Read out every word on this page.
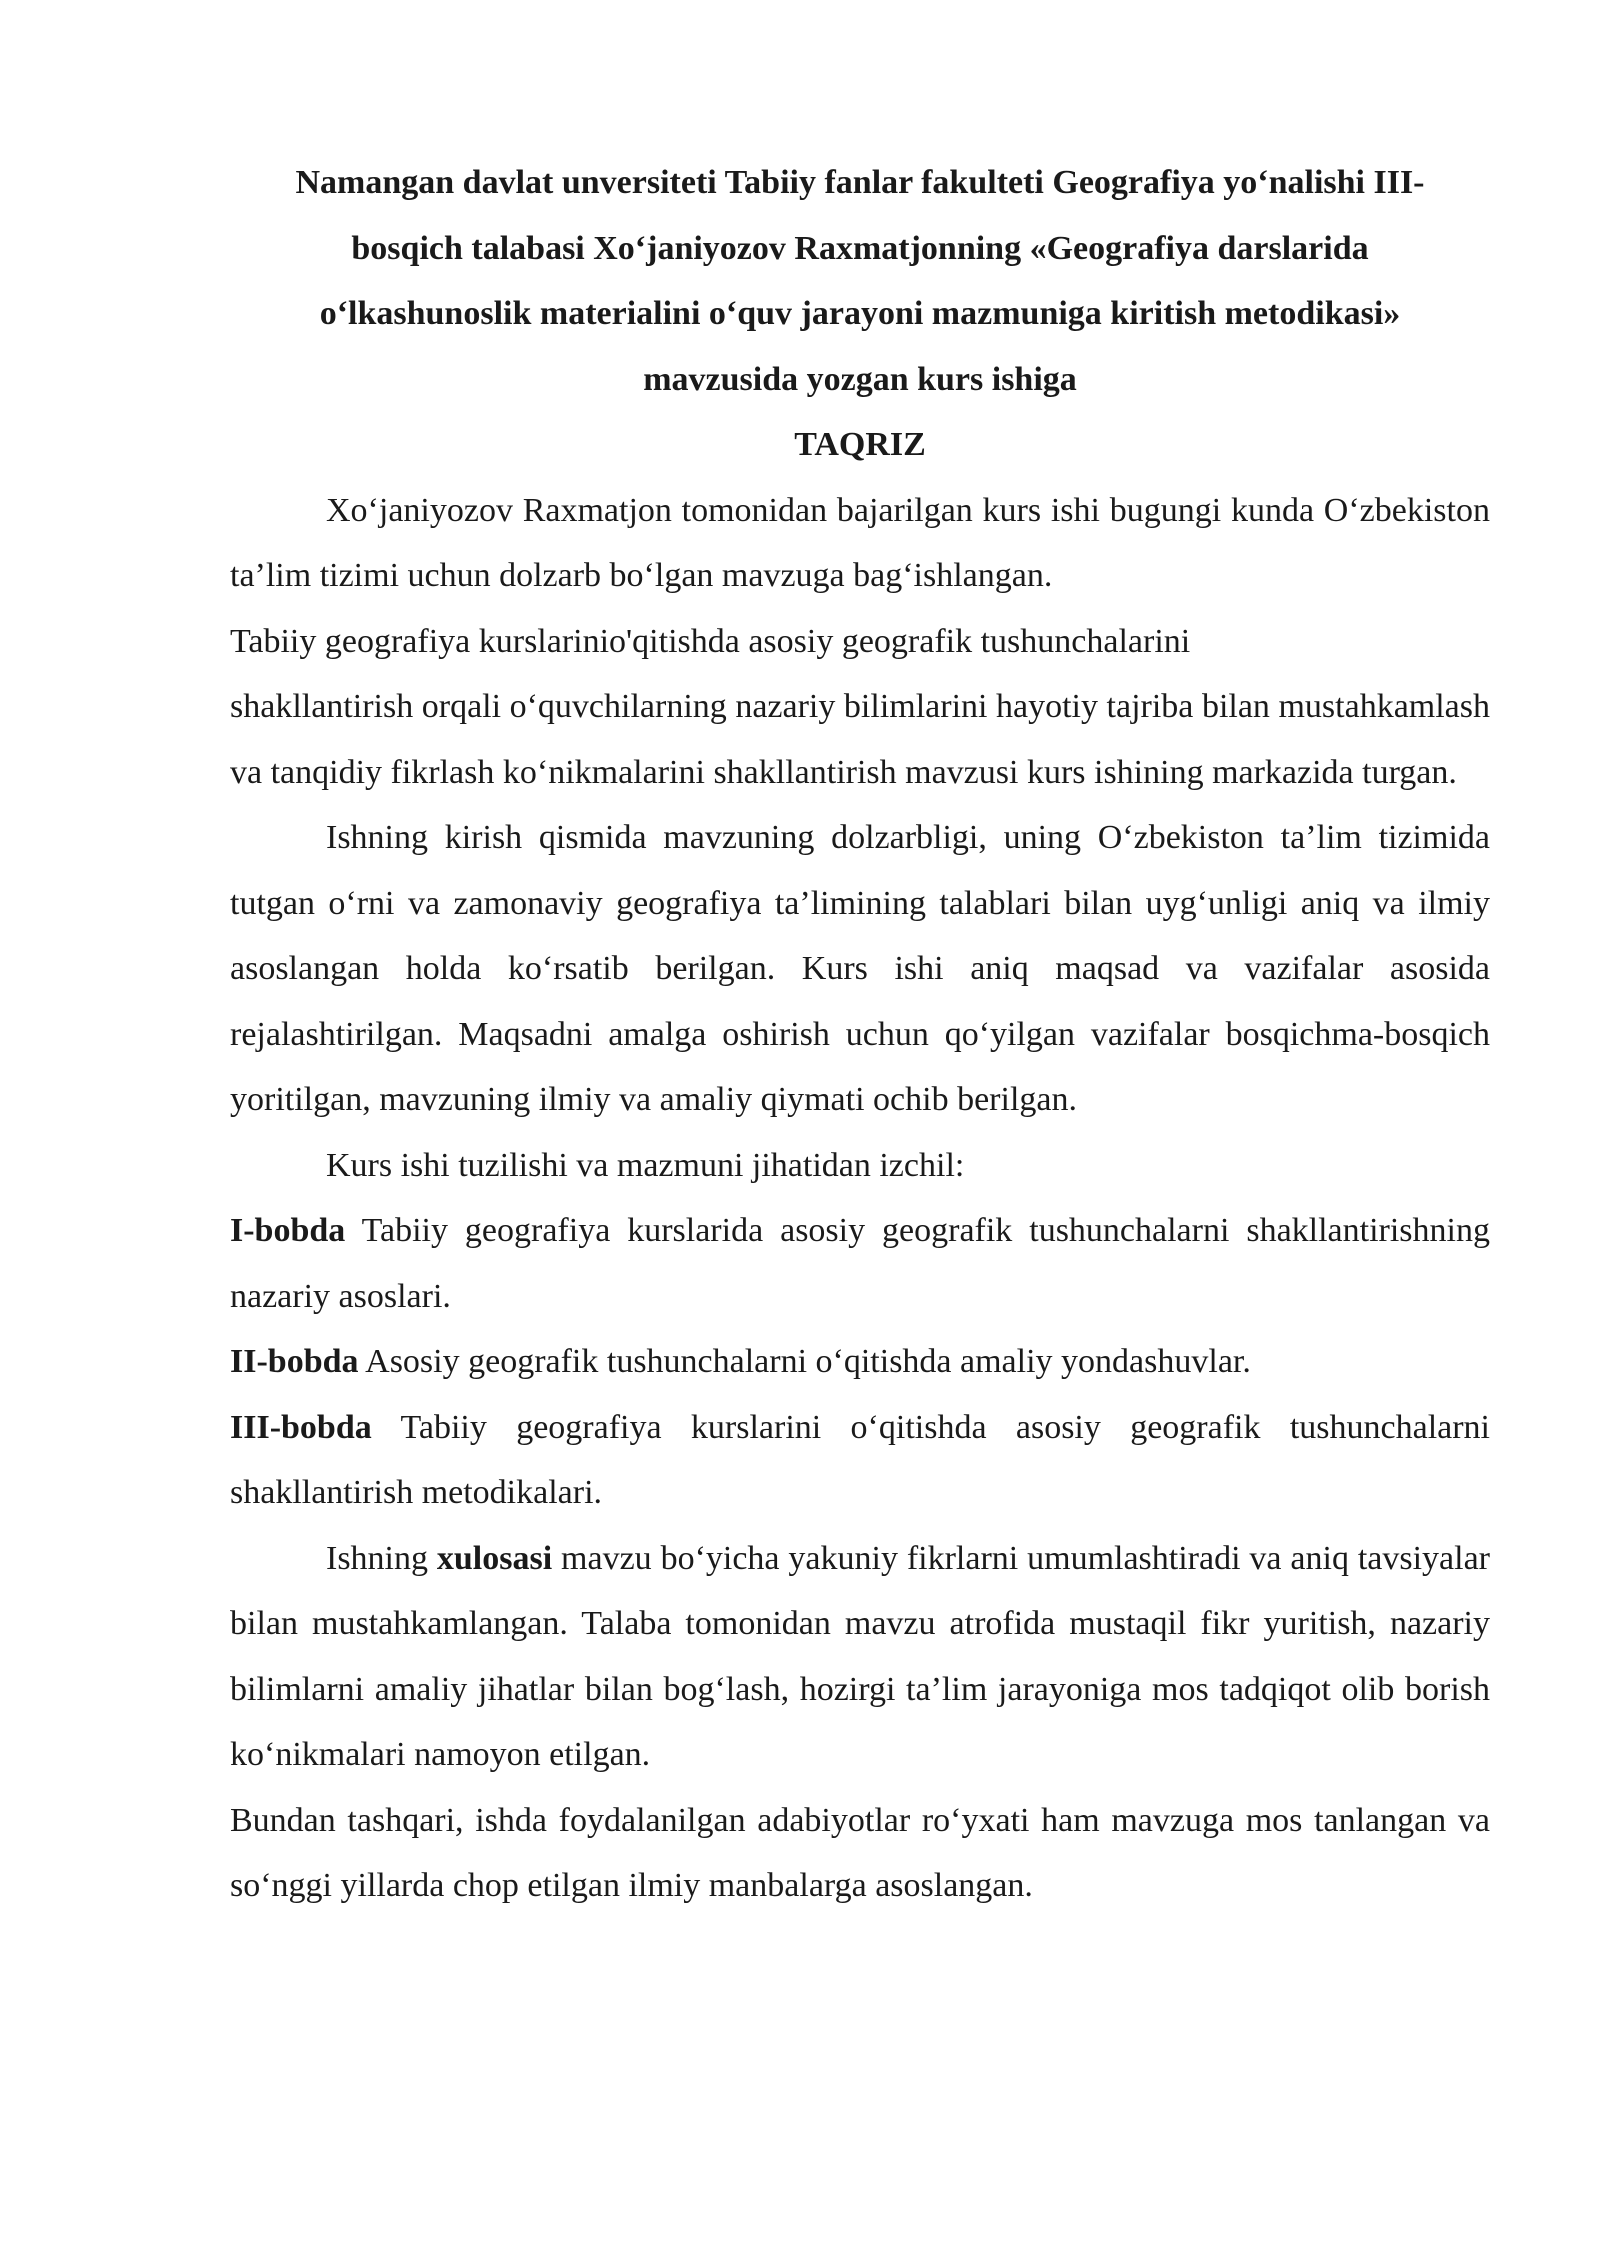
Namangan davlat unversiteti Tabiiy fanlar fakulteti Geografiya yo‘nalishi III-
bosqich talabasi Xo‘janiyozov Raxmatjonning «Geografiya darslarida
o‘lkashunoslik materialini o‘quv jarayoni mazmuniga kiritish metodikasi»
mavzusida yozgan kurs ishiga
TAQRIZ

Xo‘janiyozov Raxmatjon tomonidan bajarilgan kurs ishi bugungi kunda O‘zbekiston ta’lim tizimi uchun dolzarb bo‘lgan mavzuga bag‘ishlangan.

Tabiiy geografiya kurslarinio'qitishda asosiy geografik tushunchalarini

shakllantirish orqali o‘quvchilarning nazariy bilimlarini hayotiy tajriba bilan mustahkamlash va tanqidiy fikrlash ko‘nikmalarini shakllantirish mavzusi kurs ishining markazida turgan.

Ishning kirish qismida mavzuning dolzarbligi, uning O‘zbekiston ta’lim tizimida tutgan o‘rni va zamonaviy geografiya ta’limining talablari bilan uyg‘unligi aniq va ilmiy asoslangan holda ko‘rsatib berilgan. Kurs ishi aniq maqsad va vazifalar asosida rejalashtirilgan. Maqsadni amalga oshirish uchun qo‘yilgan vazifalar bosqichma-bosqich yoritilgan, mavzuning ilmiy va amaliy qiymati ochib berilgan.

Kurs ishi tuzilishi va mazmuni jihatidan izchil:

I-bobda Tabiiy geografiya kurslarida asosiy geografik tushunchalarni shakllantirishning nazariy asoslari.

II-bobda Asosiy geografik tushunchalarni o‘qitishda amaliy yondashuvlar.

III-bobda Tabiiy geografiya kurslarini o‘qitishda asosiy geografik tushunchalarni shakllantirish metodikalari.

Ishning xulosasi mavzu bo‘yicha yakuniy fikrlarni umumlashtiradi va aniq tavsiyalar bilan mustahkamlangan. Talaba tomonidan mavzu atrofida mustaqil fikr yuritish, nazariy bilimlarni amaliy jihatlar bilan bog‘lash, hozirgi ta’lim jarayoniga mos tadqiqot olib borish ko‘nikmalari namoyon etilgan.

Bundan tashqari, ishda foydalanilgan adabiyotlar ro‘yxati ham mavzuga mos tanlangan va so‘nggi yillarda chop etilgan ilmiy manbalarga asoslangan.
